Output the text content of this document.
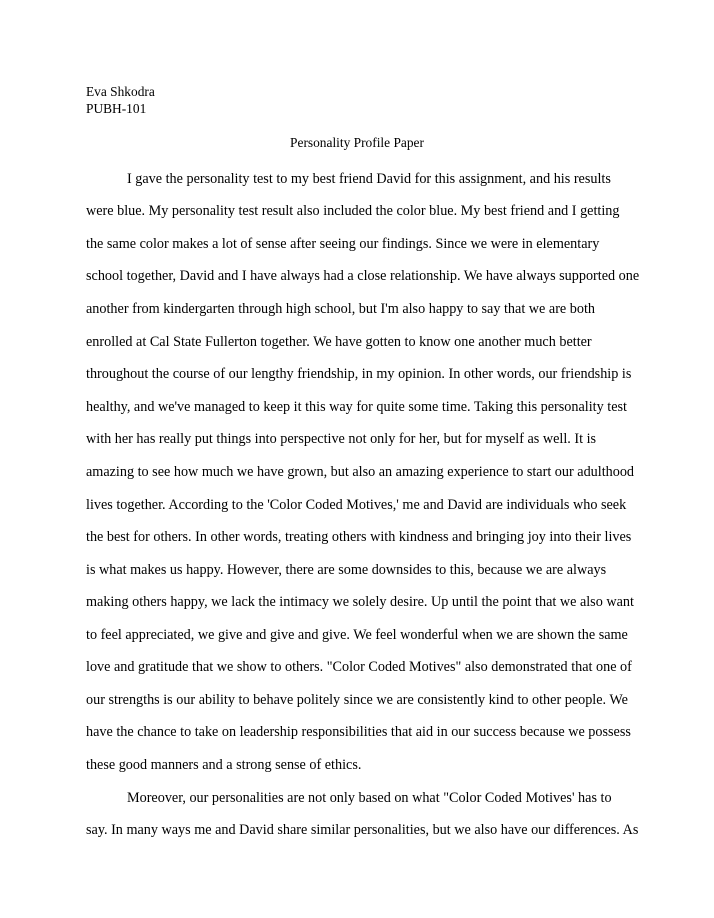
Eva Shkodra
PUBH-101
Personality Profile Paper
I gave the personality test to my best friend David for this assignment, and his results
were blue. My personality test result also included the color blue. My best friend and I getting
the same color makes a lot of sense after seeing our findings. Since we were in elementary
school together, David and I have always had a close relationship. We have always supported one
another from kindergarten through high school, but I'm also happy to say that we are both
enrolled at Cal State Fullerton together. We have gotten to know one another much better
throughout the course of our lengthy friendship, in my opinion. In other words, our friendship is
healthy, and we've managed to keep it this way for quite some time. Taking this personality test
with her has really put things into perspective not only for her, but for myself as well. It is
amazing to see how much we have grown, but also an amazing experience to start our adulthood
lives together. According to the 'Color Coded Motives,' me and David are individuals who seek
the best for others. In other words, treating others with kindness and bringing joy into their lives
is what makes us happy. However, there are some downsides to this, because we are always
making others happy, we lack the intimacy we solely desire. Up until the point that we also want
to feel appreciated, we give and give and give. We feel wonderful when we are shown the same
love and gratitude that we show to others. "Color Coded Motives" also demonstrated that one of
our strengths is our ability to behave politely since we are consistently kind to other people. We
have the chance to take on leadership responsibilities that aid in our success because we possess
these good manners and a strong sense of ethics.
Moreover, our personalities are not only based on what "Color Coded Motives' has to
say. In many ways me and David share similar personalities, but we also have our differences. As
